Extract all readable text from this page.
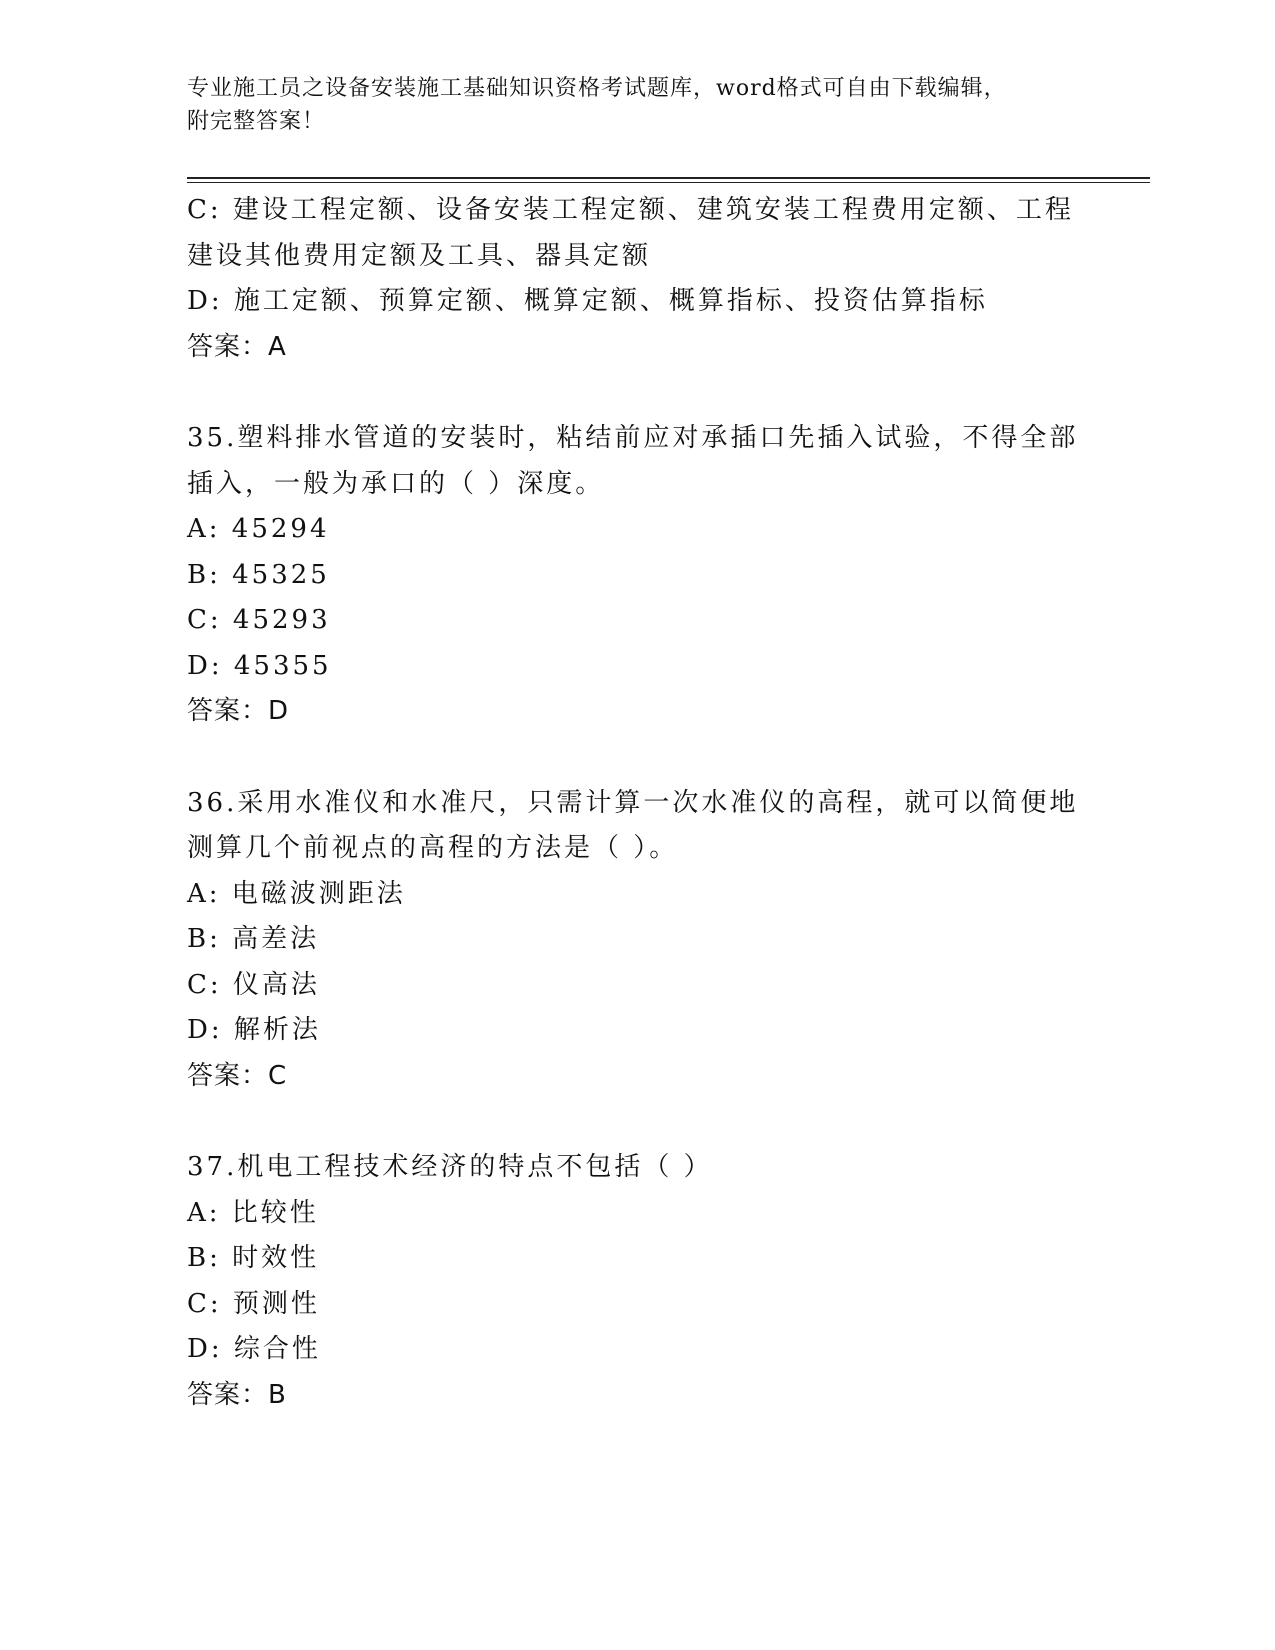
专业施工员之设备安装施工基础知识资格考试题库，word格式可自由下载编辑，
附完整答案！
C: 建设工程定额、设备安装工程定额、建筑安装工程费用定额、工程
建设其他费用定额及工具、器具定额
D: 施工定额、预算定额、概算定额、概算指标、投资估算指标
答案：A
35.塑料排水管道的安装时，粘结前应对承插口先插入试验，不得全部
插入，一般为承口的（ ）深度。
A: 45294
B: 45325
C: 45293
D: 45355
答案：D
36.采用水准仪和水准尺，只需计算一次水准仪的高程，就可以简便地
测算几个前视点的高程的方法是（ ）。
A: 电磁波测距法
B: 高差法
C: 仪高法
D: 解析法
答案：C
37.机电工程技术经济的特点不包括（ ）
A: 比较性
B: 时效性
C: 预测性
D: 综合性
答案：B
